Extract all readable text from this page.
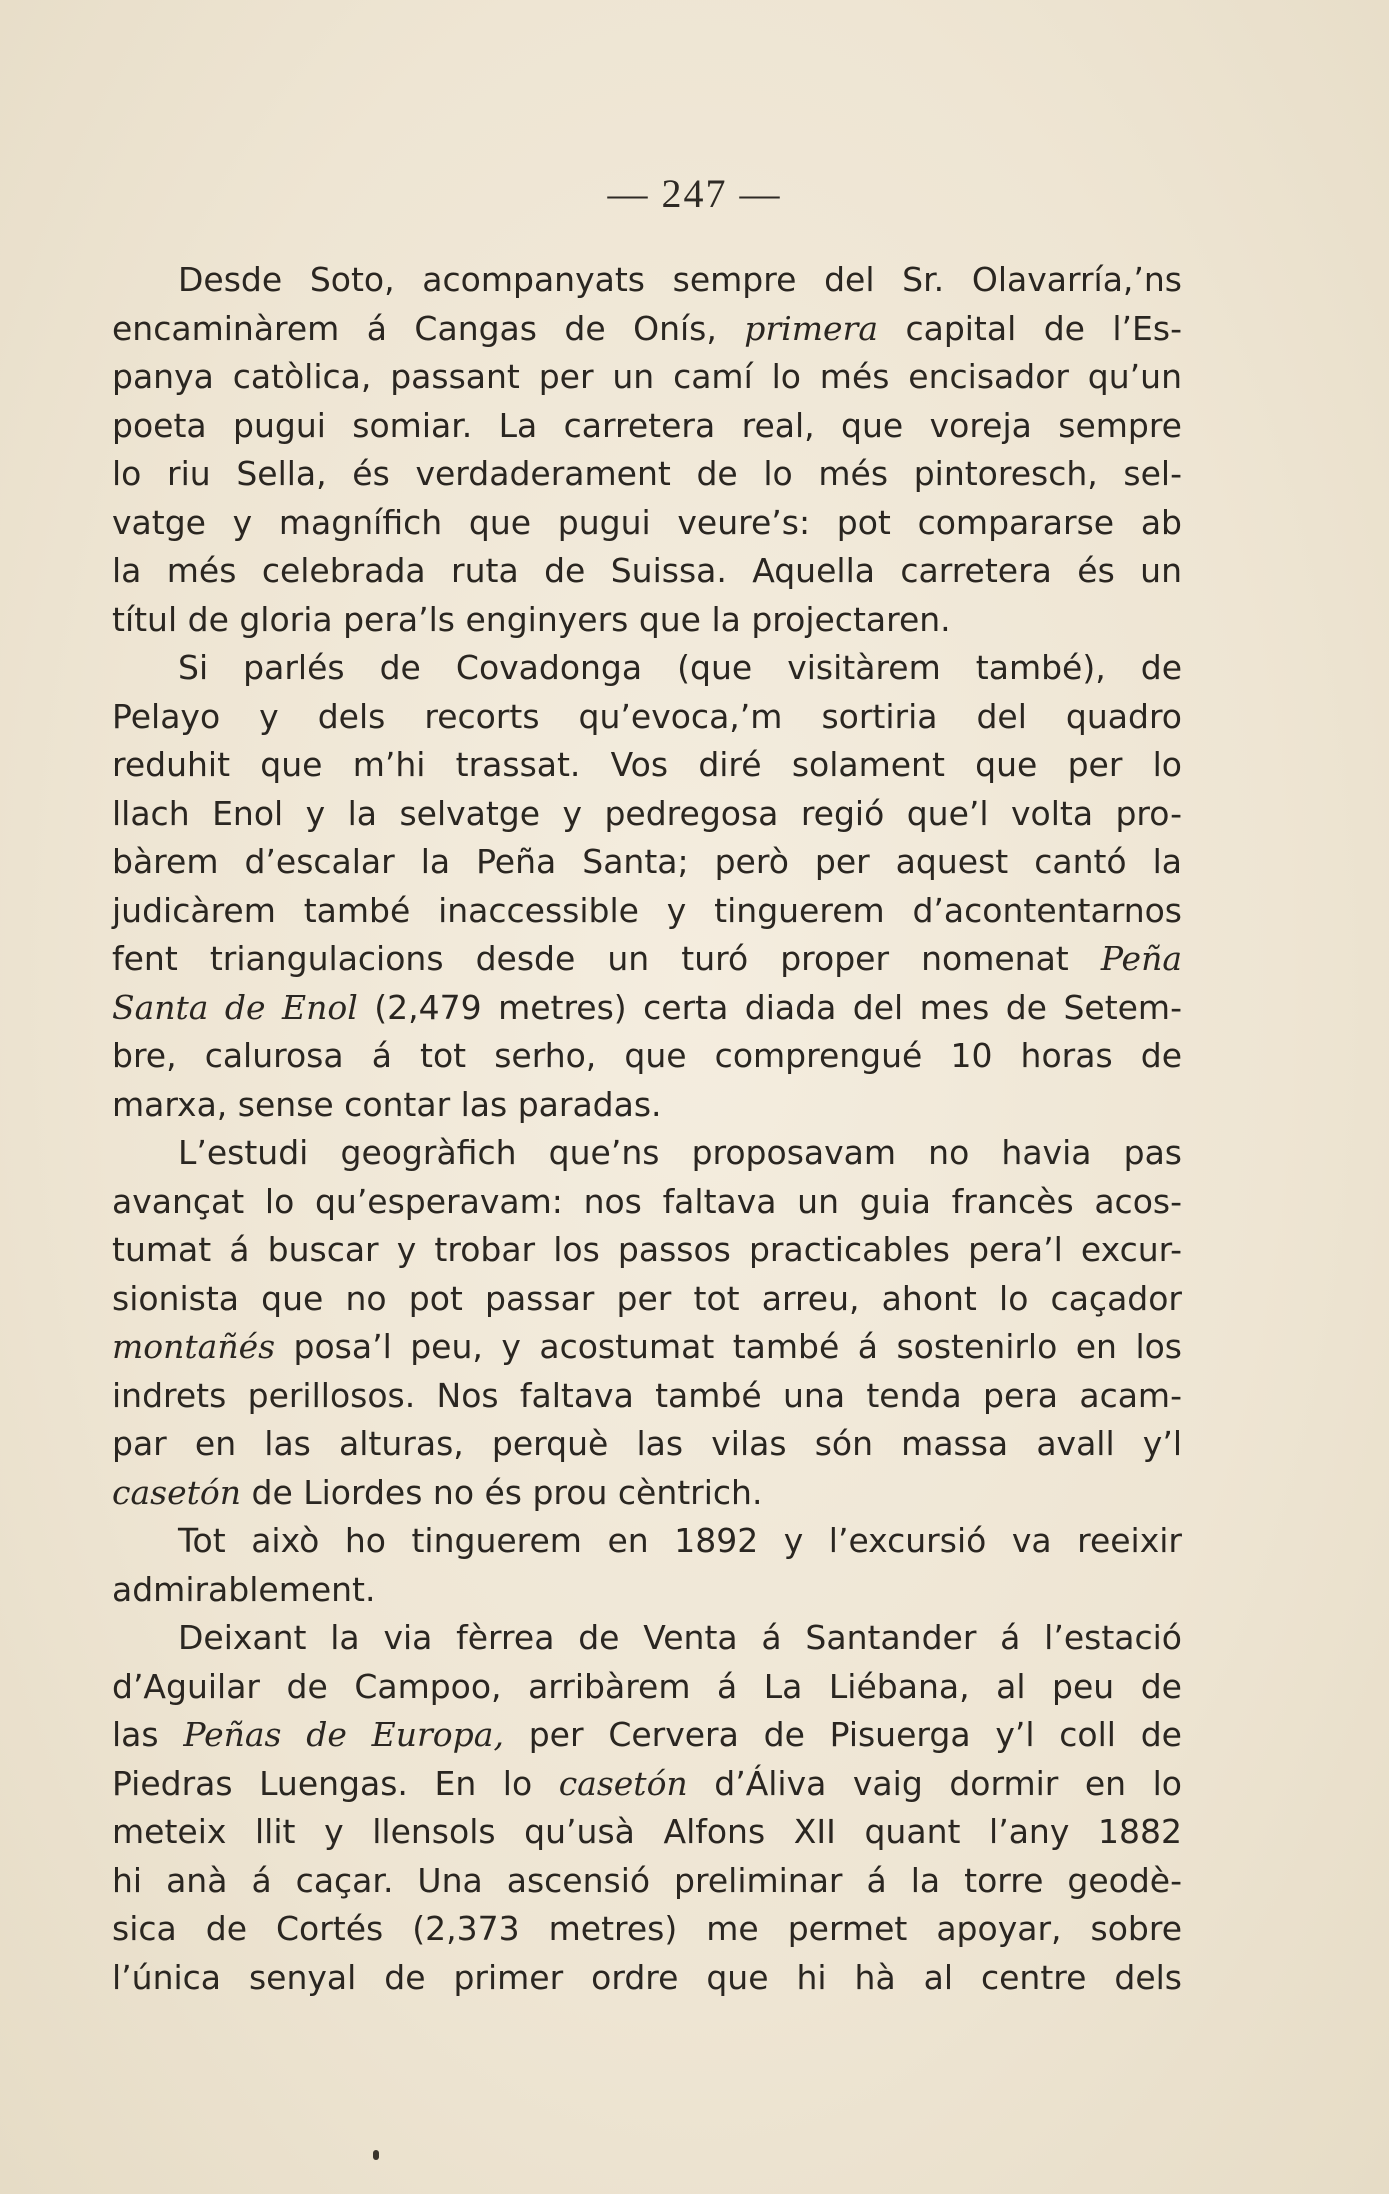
— 247 —
Desde Soto, acompanyats sempre del Sr. Olavarría,’ns
encaminàrem á Cangas de Onís, primera capital de l’Es-
panya catòlica, passant per un camí lo més encisador qu’un
poeta pugui somiar. La carretera real, que voreja sempre
lo riu Sella, és verdaderament de lo més pintoresch, sel-
vatge y magnífich que pugui veure’s: pot compararse ab
la més celebrada ruta de Suissa. Aquella carretera és un
títul de gloria pera’ls enginyers que la projectaren.
Si parlés de Covadonga (que visitàrem també), de
Pelayo y dels recorts qu’evoca,’m sortiria del quadro
reduhit que m’hi trassat. Vos diré solament que per lo
llach Enol y la selvatge y pedregosa regió que’l volta pro-
bàrem d’escalar la Peña Santa; però per aquest cantó la
judicàrem també inaccessible y tinguerem d’acontentarnos
fent triangulacions desde un turó proper nomenat Peña
Santa de Enol (2,479 metres) certa diada del mes de Setem-
bre, calurosa á tot serho, que comprengué 10 horas de
marxa, sense contar las paradas.
L’estudi geogràfich que’ns proposavam no havia pas
avançat lo qu’esperavam: nos faltava un guia francès acos-
tumat á buscar y trobar los passos practicables pera’l excur-
sionista que no pot passar per tot arreu, ahont lo caçador
montañés posa’l peu, y acostumat també á sostenirlo en los
indrets perillosos. Nos faltava també una tenda pera acam-
par en las alturas, perquè las vilas són massa avall y’l
casetón de Liordes no és prou cèntrich.
Tot això ho tinguerem en 1892 y l’excursió va reeixir
admirablement.
Deixant la via fèrrea de Venta á Santander á l’estació
d’Aguilar de Campoo, arribàrem á La Liébana, al peu de
las Peñas de Europa, per Cervera de Pisuerga y’l coll de
Piedras Luengas. En lo casetón d’Áliva vaig dormir en lo
meteix llit y llensols qu’usà Alfons XII quant l’any 1882
hi anà á caçar. Una ascensió preliminar á la torre geodè-
sica de Cortés (2,373 metres) me permet apoyar, sobre
l’única senyal de primer ordre que hi hà al centre dels
